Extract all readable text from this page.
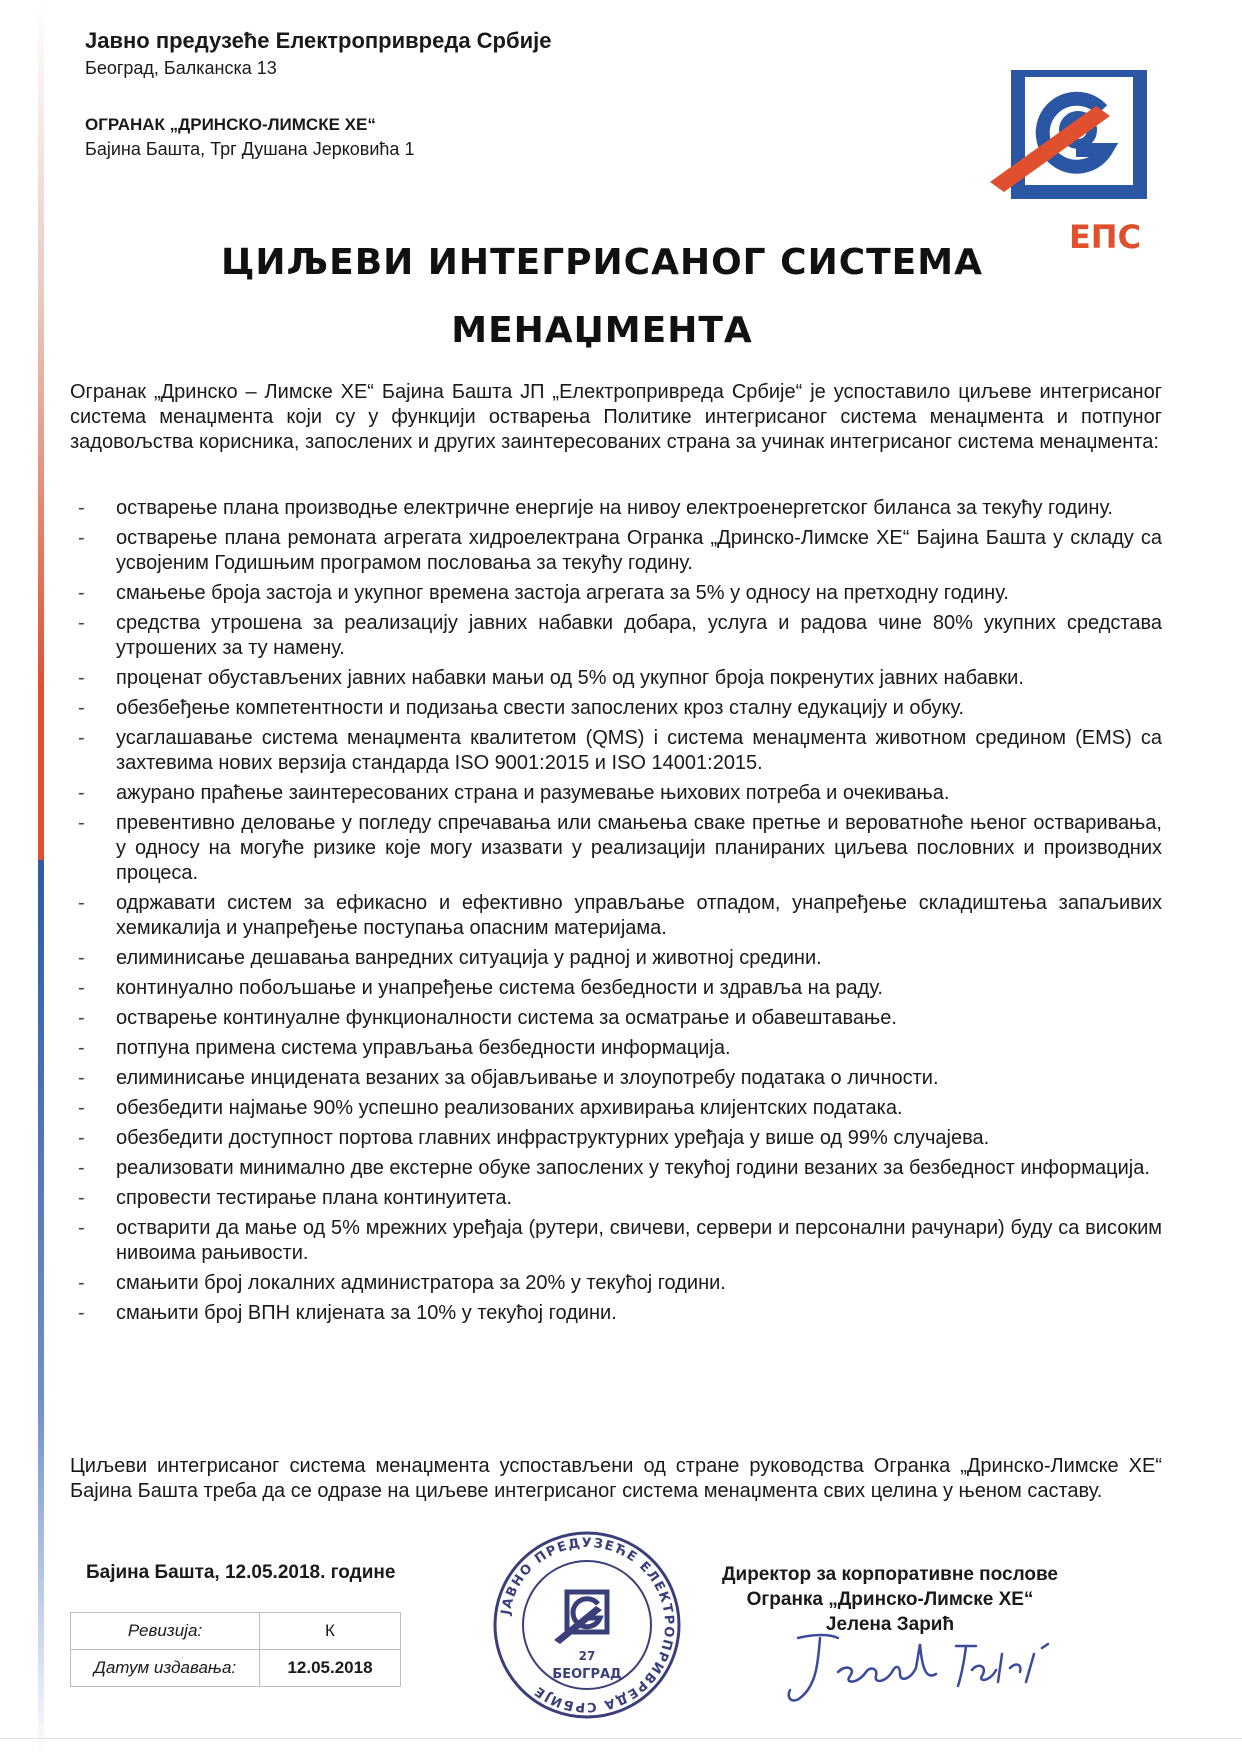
Јавно предузеће Електропривреда Србије

Београд, Балканска 13

ОГРАНАК „ДРИНСКО-ЛИМСКЕ ХЕ“

Бајина Башта, Трг Душана Јерковића 1

ЕПС
ЦИЉЕВИ ИНТЕГРИСАНОГ СИСТЕМА
МЕНАЏМЕНТА

Огранак „Дринско – Лимске ХЕ“ Бајина Башта ЈП „Електропривреда Србије“ је успоставило циљеве интегрисаног система менаџмента који су у функцији остварења Политике интегрисаног система менаџмента и потпуног задовољства корисника, запослених и других заинтересованих страна за учинак интегрисаног система менаџмента:

- остварење плана производње електричне енергије на нивоу електроенергетског биланса за текућу годину.
- остварење плана ремоната агрегата хидроелектрана Огранка „Дринско-Лимске ХЕ“ Бајина Башта у складу са усвојеним Годишњим програмом пословања за текућу годину.
- смањење броја застоја и укупног времена застоја агрегата за 5% у односу на претходну годину.
- средства утрошена за реализацију јавних набавки добара, услуга и радова чине 80% укупних средстава утрошених за ту намену.
- проценат обустављених јавних набавки мањи од 5% од укупног броја покренутих јавних набавки.
- обезбеђење компетентности и подизања свести запослених кроз сталну едукацију и обуку.
- усаглашавање система менаџмента квалитетом (QMS) i система менаџмента животном средином (EMS) са захтевима нових верзија стандарда ISO 9001:2015 и ISO 14001:2015.
- ажурано праћење заинтересованих страна и разумевање њихових потреба и очекивања.
- превентивно деловање у погледу спречавања или смањења сваке претње и вероватноће њеног остваривања, у односу на могуће ризике које могу изазвати у реализацији планираних циљева пословних и производних процеса.
- одржавати систем за ефикасно и ефективно управљање отпадом, унапређење складиштења запаљивих хемикалија и унапређење поступања опасним материјама.
- елиминисање дешавања ванредних ситуација у радној и животној средини.
- континуално побољшање и унапређење система безбедности и здравља на раду.
- остварење континуалне функционалности система за осматрање и обавештавање.
- потпуна примена система управљања безбедности информација.
- елиминисање инцидената везаних за објављивање и злоупотребу података о личности.
- обезбедити најмање 90% успешно реализованих архивирања клијентских података.
- обезбедити доступност портова главних инфраструктурних уређаја у више од 99% случајева.
- реализовати минимално две екстерне обуке запослених у текућој години везаних за безбедност информација.
- спровести тестирање плана континуитета.
- остварити да мање од 5% мрежних уређаја (рутери, свичеви, сервери и персонални рачунари) буду са високим нивоима рањивости.
- смањити број локалних администратора за 20% у текућој години.
- смањити број ВПН клијената за 10% у текућој години.

Циљеви интегрисаног система менаџмента успостављени од стране руководства Огранка „Дринско-Лимске ХЕ“ Бајина Башта треба да се одразе на циљеве интегрисаног система менаџмента свих целина у њеном саставу.

Бајина Башта, 12.05.2018. године
Ревизија:	К
Датум издавања:	12.05.2018
ЈАВНО ПРЕДУЗЕЋЕ ЕЛЕКТРОПРИВРЕДА СРБИЈЕ
27
БЕОГРАД
Директор за корпоративне послове
Огранка „Дринско-Лимске ХЕ“
Јелена Зарић
